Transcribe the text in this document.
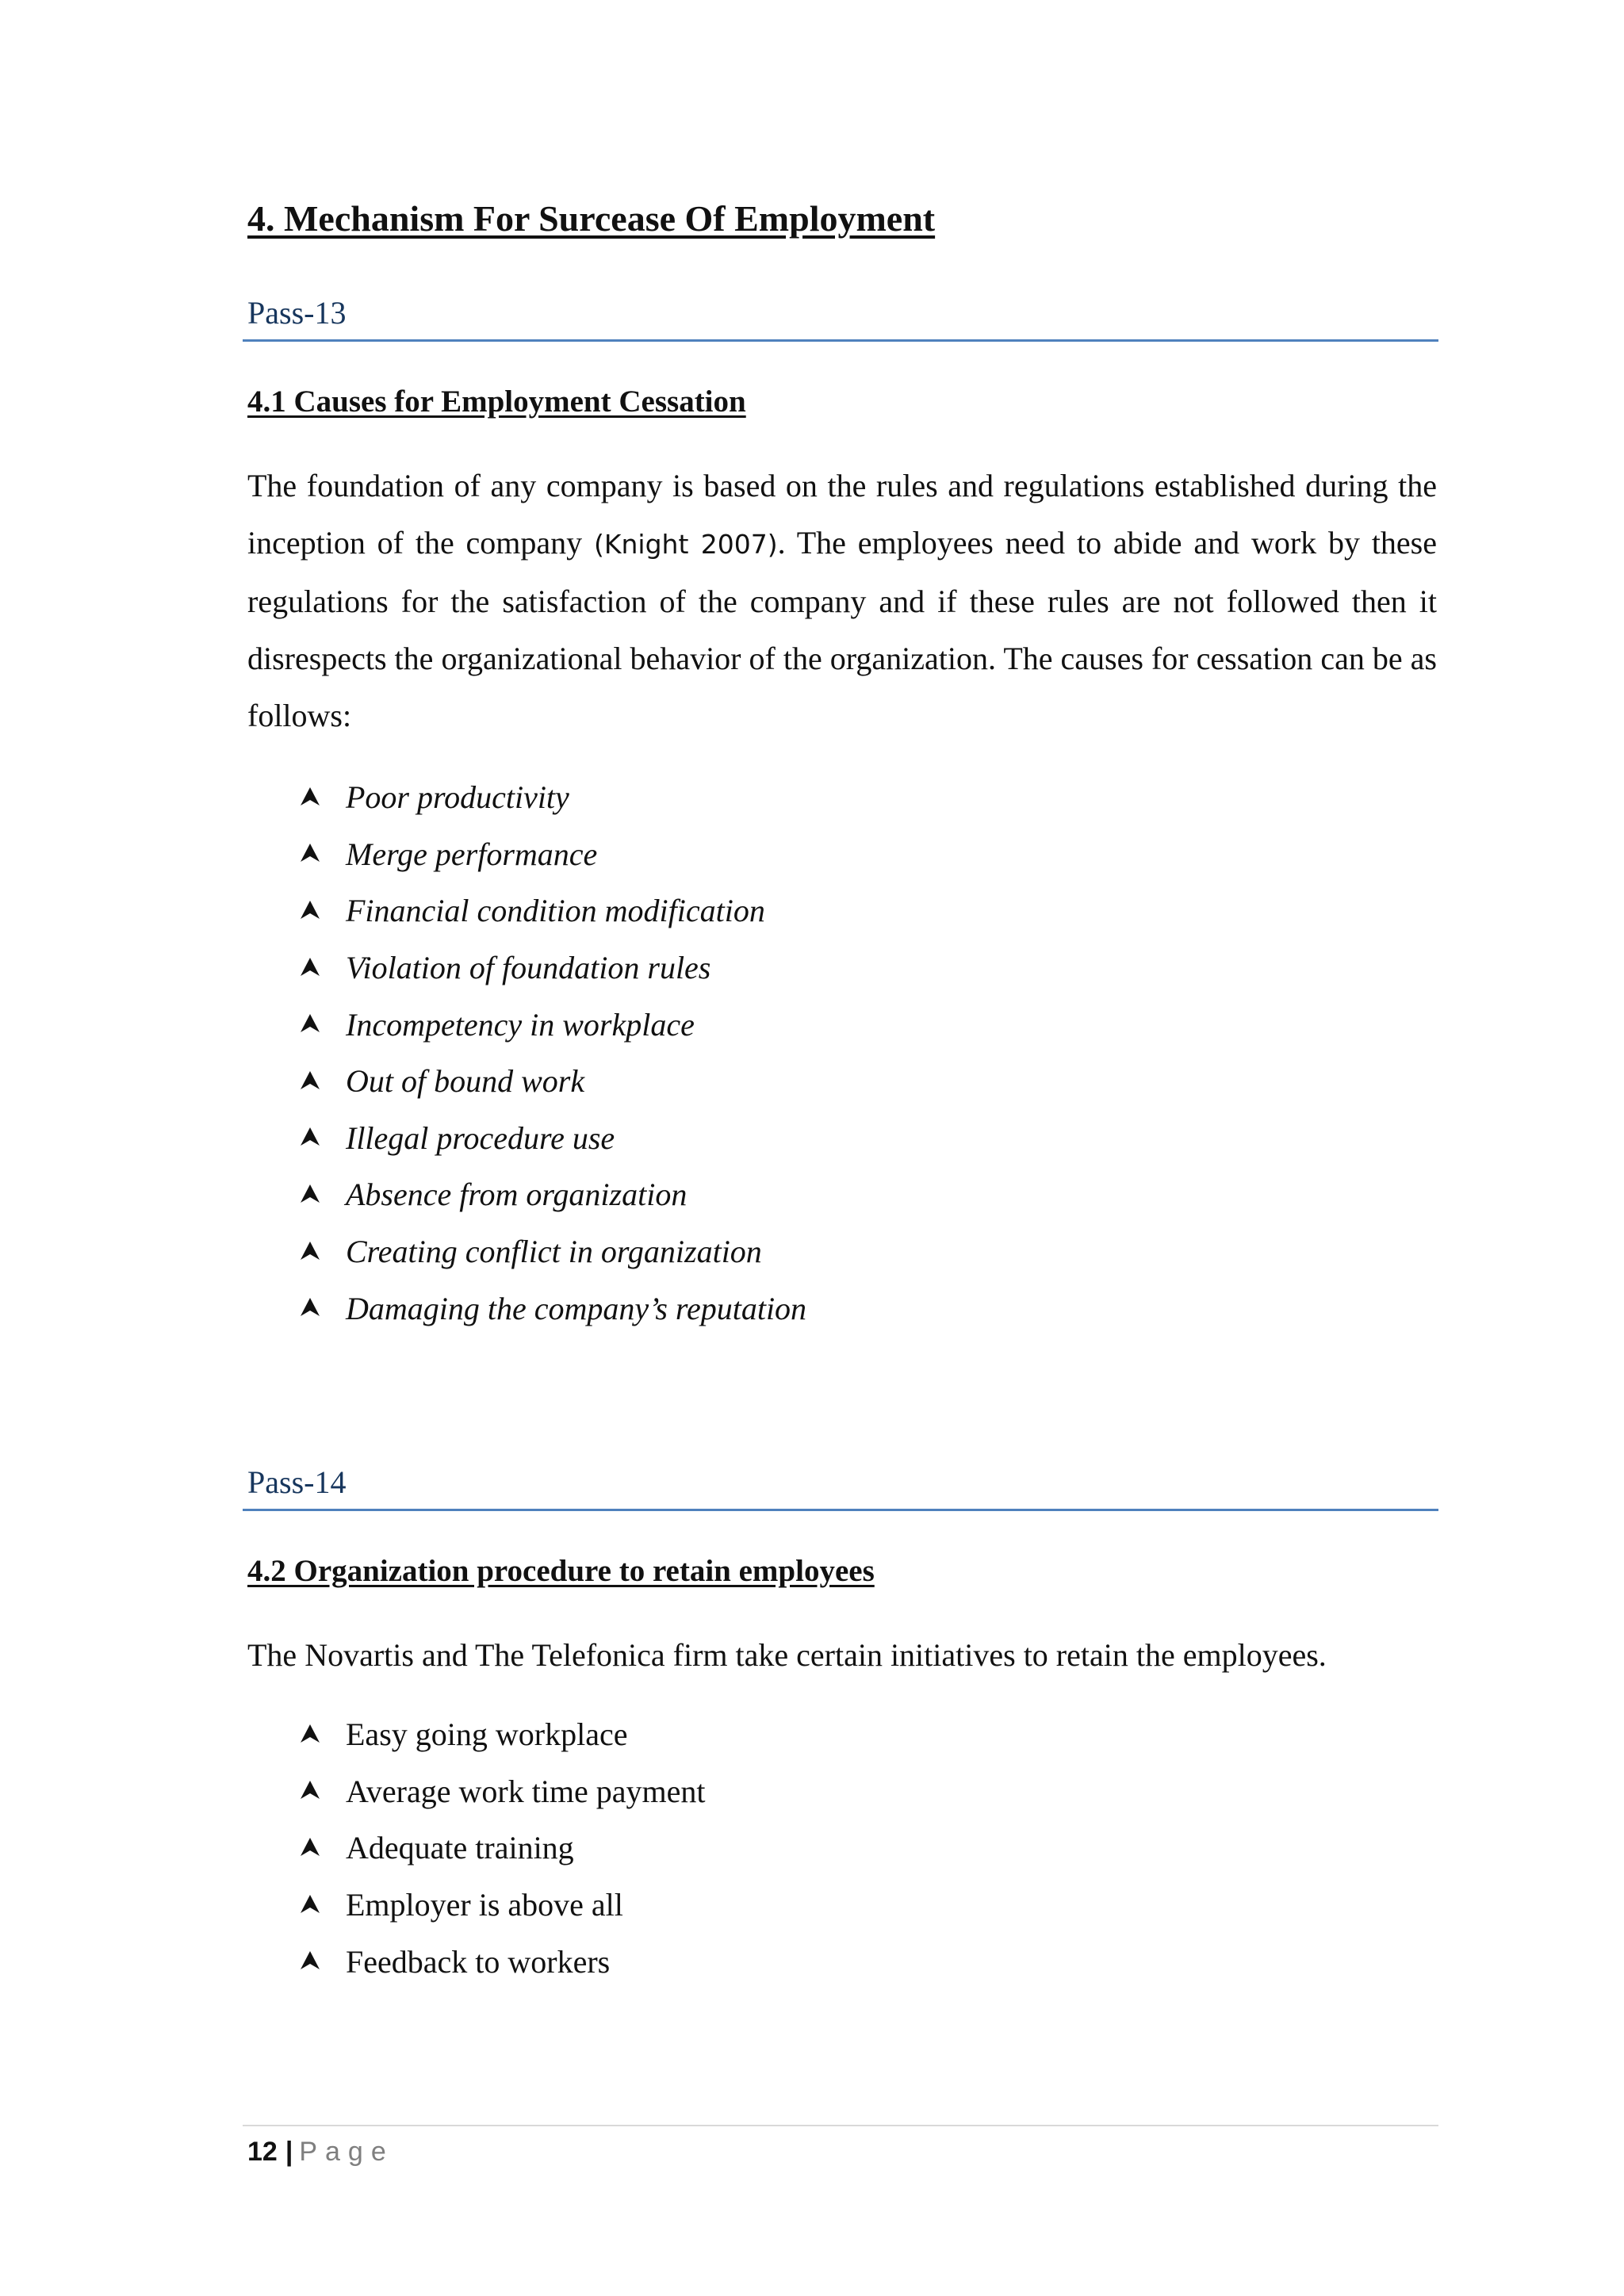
4. Mechanism For Surcease Of Employment
Pass-13
4.1 Causes for Employment Cessation

The foundation of any company is based on the rules and regulations established during the inception of the company (Knight 2007). The employees need to abide and work by these regulations for the satisfaction of the company and if these rules are not followed then it disrespects the organizational behavior of the organization. The causes for cessation can be as follows:

Poor productivity
Merge performance
Financial condition modification
Violation of foundation rules
Incompetency in workplace
Out of bound work
Illegal procedure use
Absence from organization
Creating conflict in organization
Damaging the company’s reputation
Pass-14
4.2 Organization procedure to retain employees

The Novartis and The Telefonica firm take certain initiatives to retain the employees.

Easy going workplace
Average work time payment
Adequate training
Employer is above all
Feedback to workers
12 | Page
